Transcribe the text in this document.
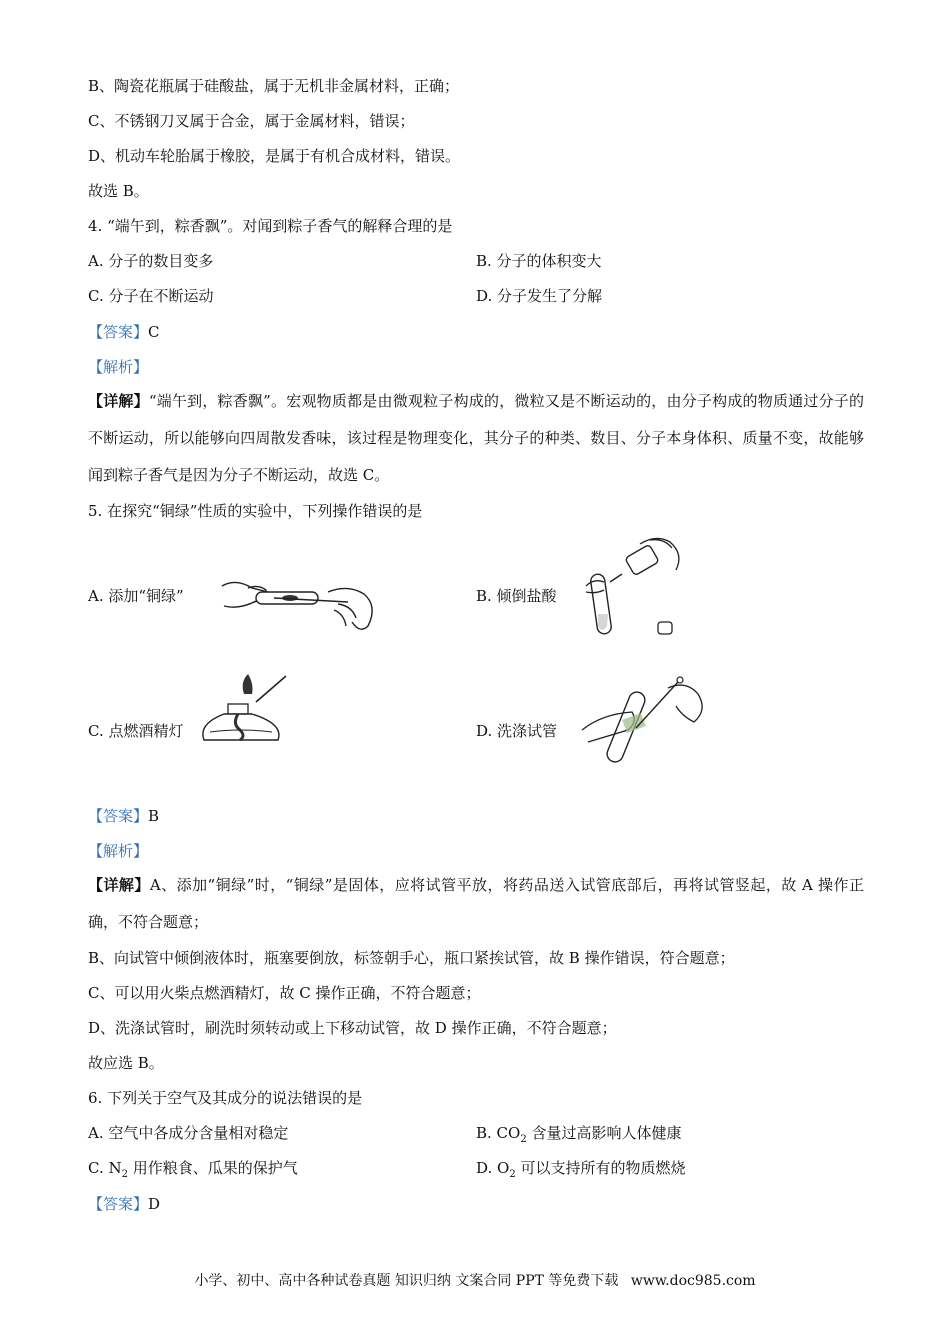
B、陶瓷花瓶属于硅酸盐，属于无机非金属材料，正确；
C、不锈钢刀叉属于合金，属于金属材料，错误；
D、机动车轮胎属于橡胶，是属于有机合成材料，错误。
故选 B。
4. “端午到，粽香飘”。对闻到粽子香气的解释合理的是
A. 分子的数目变多	B. 分子的体积变大
C. 分子在不断运动	D. 分子发生了分解
【答案】C
【解析】
【详解】“端午到，粽香飘”。宏观物质都是由微观粒子构成的，微粒又是不断运动的，由分子构成的物质通过分子的不断运动，所以能够向四周散发香味，该过程是物理变化，其分子的种类、数目、分子本身体积、质量不变，故能够闻到粽子香气是因为分子不断运动，故选 C。
5. 在探究“铜绿”性质的实验中，下列操作错误的是
A. 添加“铜绿”	B. 倾倒盐酸
C. 点燃酒精灯	D. 洗涤试管
【答案】B
【解析】
【详解】A、添加“铜绿”时，“铜绿”是固体，应将试管平放，将药品送入试管底部后，再将试管竖起，故 A 操作正确，不符合题意；
B、向试管中倾倒液体时，瓶塞要倒放，标签朝手心，瓶口紧挨试管，故 B 操作错误，符合题意；
C、可以用火柴点燃酒精灯，故 C 操作正确，不符合题意；
D、洗涤试管时，刷洗时须转动或上下移动试管，故 D 操作正确，不符合题意；
故应选 B。
6. 下列关于空气及其成分的说法错误的是
A. 空气中各成分含量相对稳定	B. $CO_2$ 含量过高影响人体健康
C. $N_2$ 用作粮食、瓜果的保护气	D. $O_2$ 可以支持所有的物质燃烧
【答案】D
小学、初中、高中各种试卷真题 知识归纳 文案合同 PPT 等免费下载 www.doc985.com
